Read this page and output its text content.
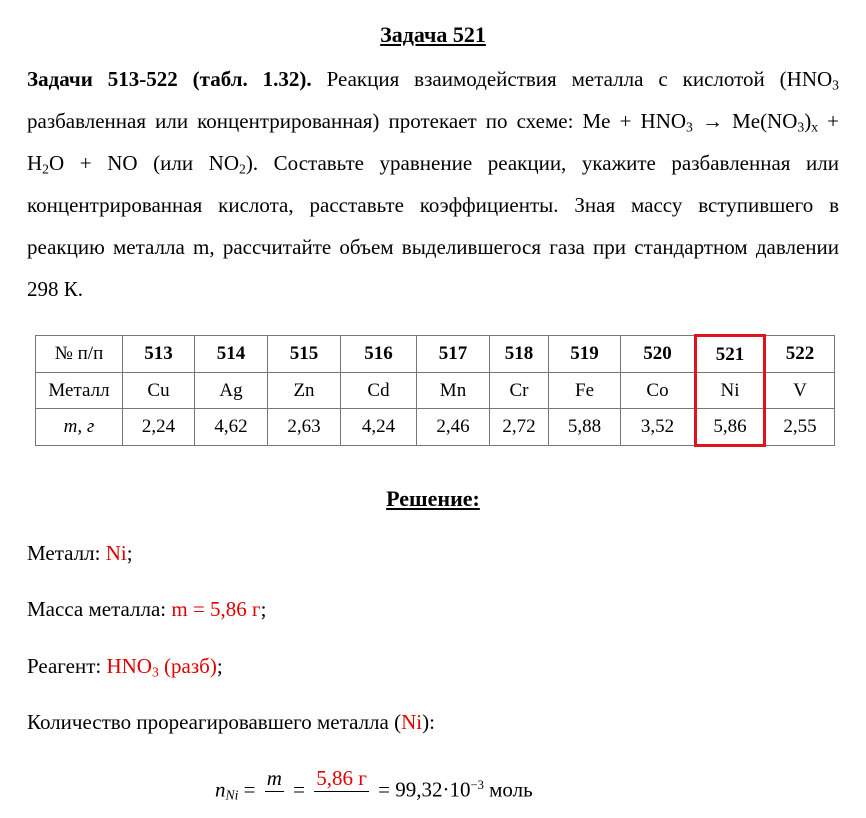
Задача 521
Задачи 513-522 (табл. 1.32). Реакция взаимодействия металла с кислотой ($HNO_3$ разбавленная или концентрированная) протекает по схеме: $Me + HNO_3 \to Me(NO_3)_x + H_2O$ + NO (или $NO_2$). Составьте уравнение реакции, укажите разбавленная или концентрированная кислота, расставьте коэффициенты. Зная массу вступившего в реакцию металла m, рассчитайте объем выделившегося газа при стандартном давлении 298 К.
№ п/п	513	514	515	516	517	518	519	520	521	522
Металл	Cu	Ag	Zn	Cd	Mn	Cr	Fe	Co	Ni	V
m, г	2,24	4,62	2,63	4,24	2,46	2,72	5,88	3,52	5,86	2,55
Решение:
Металл: Ni;
Масса металла: m = 5,86 г;
Реагент: $HNO_3$ (разб);
Количество прореагировавшего металла (Ni):
$n_{Ni} = m$
= 5,86 г
= $99,32\cdot 10^{-3}$ моль
